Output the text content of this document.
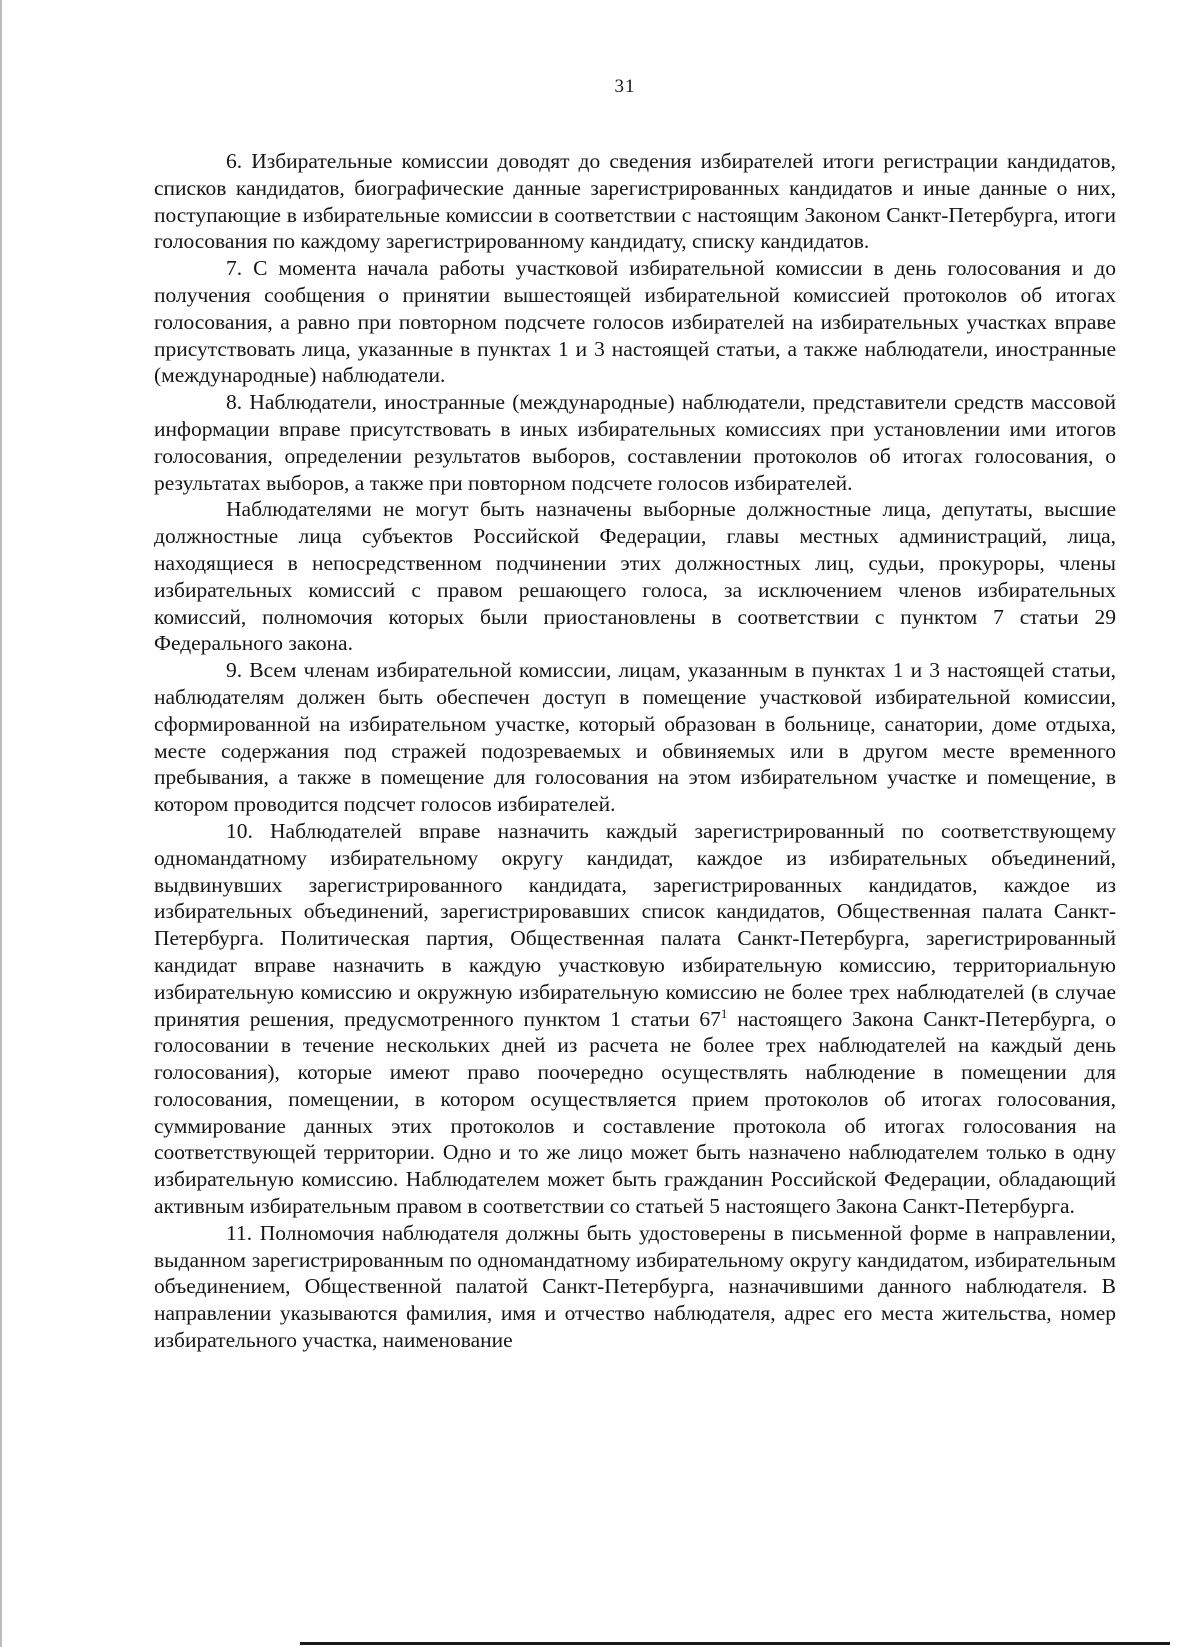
31

6. Избирательные комиссии доводят до сведения избирателей итоги регистрации кандидатов, списков кандидатов, биографические данные зарегистрированных кандидатов и иные данные о них, поступающие в избирательные комиссии в соответствии с настоящим Законом Санкт-Петербурга, итоги голосования по каждому зарегистрированному кандидату, списку кандидатов.

7. С момента начала работы участковой избирательной комиссии в день голосования и до получения сообщения о принятии вышестоящей избирательной комиссией протоколов об итогах голосования, а равно при повторном подсчете голосов избирателей на избирательных участках вправе присутствовать лица, указанные в пунктах 1 и 3 настоящей статьи, а также наблюдатели, иностранные (международные) наблюдатели.

8. Наблюдатели, иностранные (международные) наблюдатели, представители средств массовой информации вправе присутствовать в иных избирательных комиссиях при установлении ими итогов голосования, определении результатов выборов, составлении протоколов об итогах голосования, о результатах выборов, а также при повторном подсчете голосов избирателей.

Наблюдателями не могут быть назначены выборные должностные лица, депутаты, высшие должностные лица субъектов Российской Федерации, главы местных администраций, лица, находящиеся в непосредственном подчинении этих должностных лиц, судьи, прокуроры, члены избирательных комиссий с правом решающего голоса, за исключением членов избирательных комиссий, полномочия которых были приостановлены в соответствии с пунктом 7 статьи 29 Федерального закона.

9. Всем членам избирательной комиссии, лицам, указанным в пунктах 1 и 3 настоящей статьи, наблюдателям должен быть обеспечен доступ в помещение участковой избирательной комиссии, сформированной на избирательном участке, который образован в больнице, санатории, доме отдыха, месте содержания под стражей подозреваемых и обвиняемых или в другом месте временного пребывания, а также в помещение для голосования на этом избирательном участке и помещение, в котором проводится подсчет голосов избирателей.

10. Наблюдателей вправе назначить каждый зарегистрированный по соответствующему одномандатному избирательному округу кандидат, каждое из избирательных объединений, выдвинувших зарегистрированного кандидата, зарегистрированных кандидатов, каждое из избирательных объединений, зарегистрировавших список кандидатов, Общественная палата Санкт-Петербурга. Политическая партия, Общественная палата Санкт-Петербурга, зарегистрированный кандидат вправе назначить в каждую участковую избирательную комиссию, территориальную избирательную комиссию и окружную избирательную комиссию не более трех наблюдателей (в случае принятия решения, предусмотренного пунктом 1 статьи $67^1$ настоящего Закона Санкт-Петербурга, о голосовании в течение нескольких дней из расчета не более трех наблюдателей на каждый день голосования), которые имеют право поочередно осуществлять наблюдение в помещении для голосования, помещении, в котором осуществляется прием протоколов об итогах голосования, суммирование данных этих протоколов и составление протокола об итогах голосования на соответствующей территории. Одно и то же лицо может быть назначено наблюдателем только в одну избирательную комиссию. Наблюдателем может быть гражданин Российской Федерации, обладающий активным избирательным правом в соответствии со статьей 5 настоящего Закона Санкт-Петербурга.

11. Полномочия наблюдателя должны быть удостоверены в письменной форме в направлении, выданном зарегистрированным по одномандатному избирательному округу кандидатом, избирательным объединением, Общественной палатой Санкт-Петербурга, назначившими данного наблюдателя. В направлении указываются фамилия, имя и отчество наблюдателя, адрес его места жительства, номер избирательного участка, наименование
